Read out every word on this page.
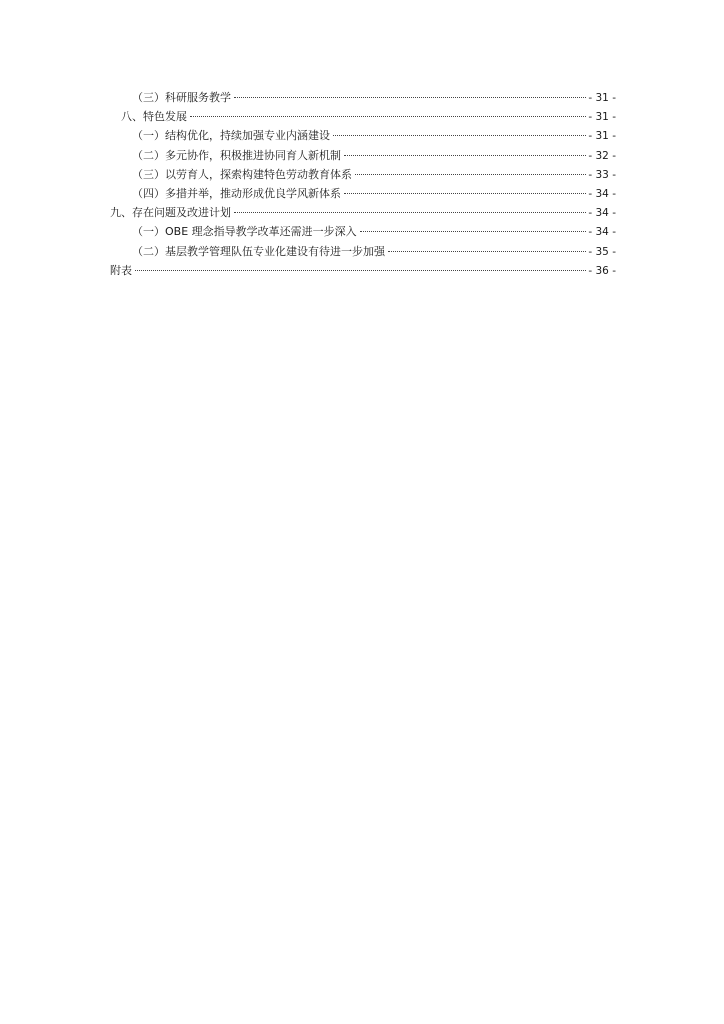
（三）科研服务教学	- 31 -
八、特色发展	- 31 -
（一）结构优化，持续加强专业内涵建设	- 31 -
（二）多元协作，积极推进协同育人新机制	- 32 -
（三）以劳育人，探索构建特色劳动教育体系	- 33 -
（四）多措并举，推动形成优良学风新体系	- 34 -
九、存在问题及改进计划	- 34 -
（一）OBE 理念指导教学改革还需进一步深入	- 34 -
（二）基层教学管理队伍专业化建设有待进一步加强	- 35 -
附表	- 36 -
